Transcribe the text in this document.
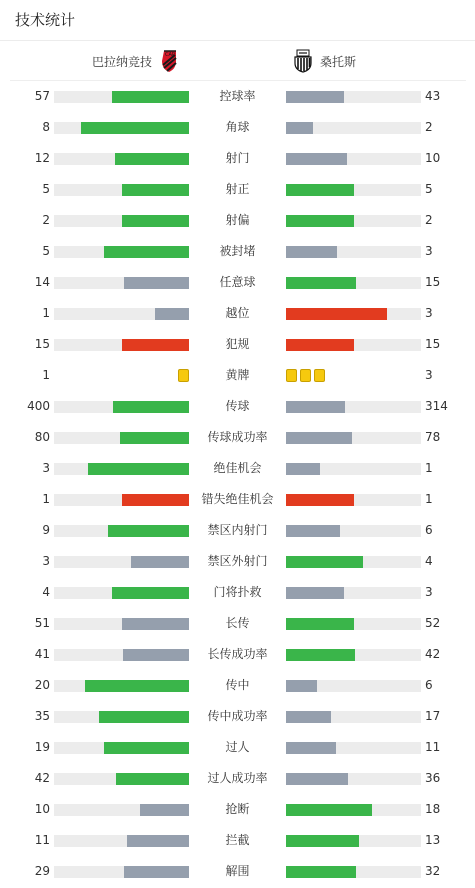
技术统计
巴拉纳竞技	CAP	桑托斯
57	控球率	43
8	角球	2
12	射门	10
5	射正	5
2	射偏	2
5	被封堵	3
14	任意球	15
1	越位	3
15	犯规	15
1	黄牌	3
400	传球	314
80	传球成功率	78
3	绝佳机会	1
1	错失绝佳机会	1
9	禁区内射门	6
3	禁区外射门	4
4	门将扑救	3
51	长传	52
41	长传成功率	42
20	传中	6
35	传中成功率	17
19	过人	11
42	过人成功率	36
10	抢断	18
11	拦截	13
29	解围	32
